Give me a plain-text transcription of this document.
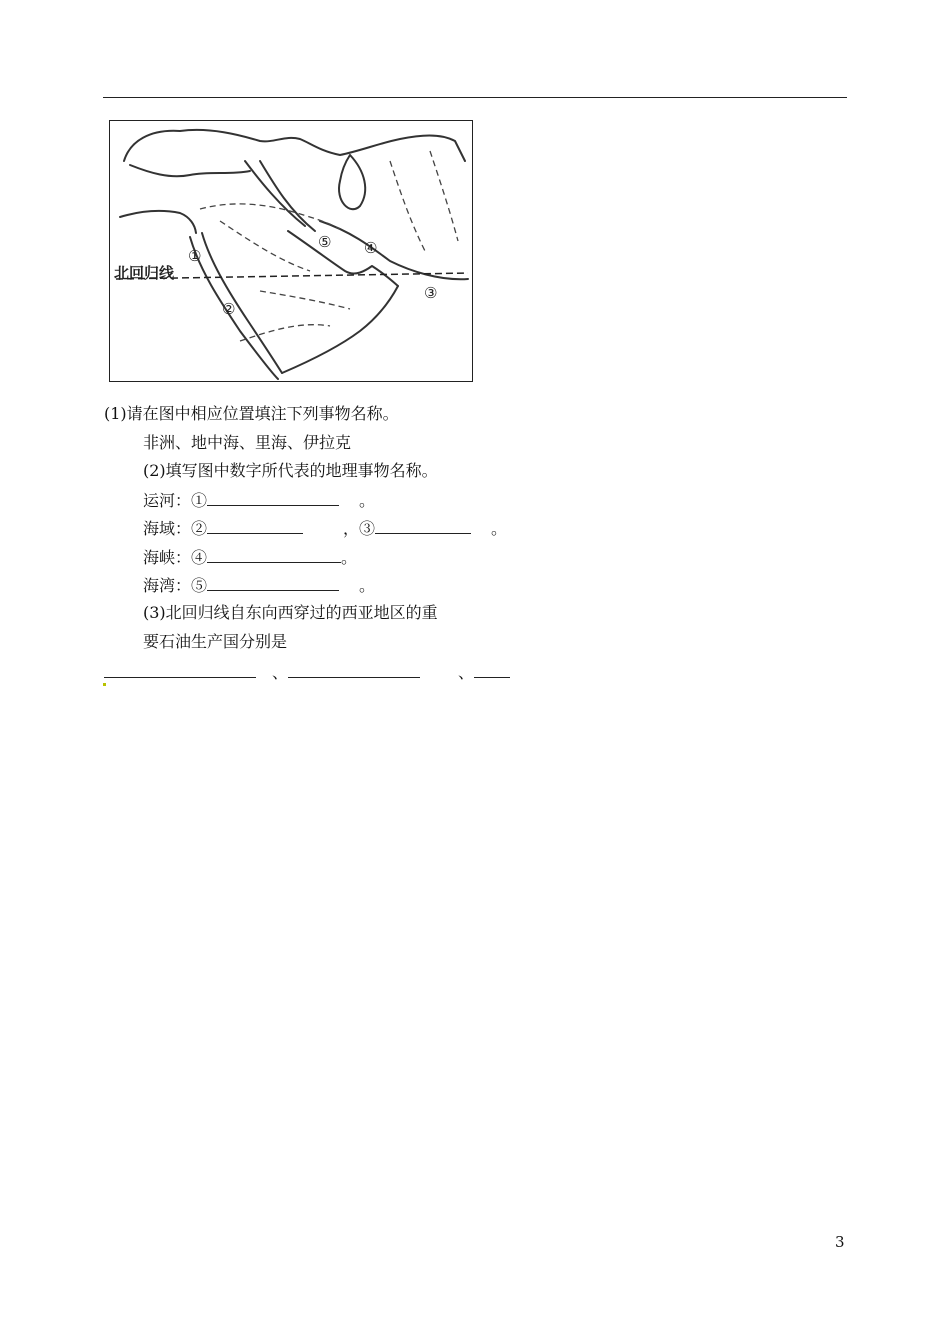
①
②
③
④
⑤
北回归线
(1)请在图中相应位置填注下列事物名称。
非洲、地中海、里海、伊拉克
(2)填写图中数字所代表的地理事物名称。
运河：①	。
海域：②	，③	。
海峡：④	。
海湾：⑤	。
(3)北回归线自东向西穿过的西亚地区的重
要石油生产国分别是
、	、
3
